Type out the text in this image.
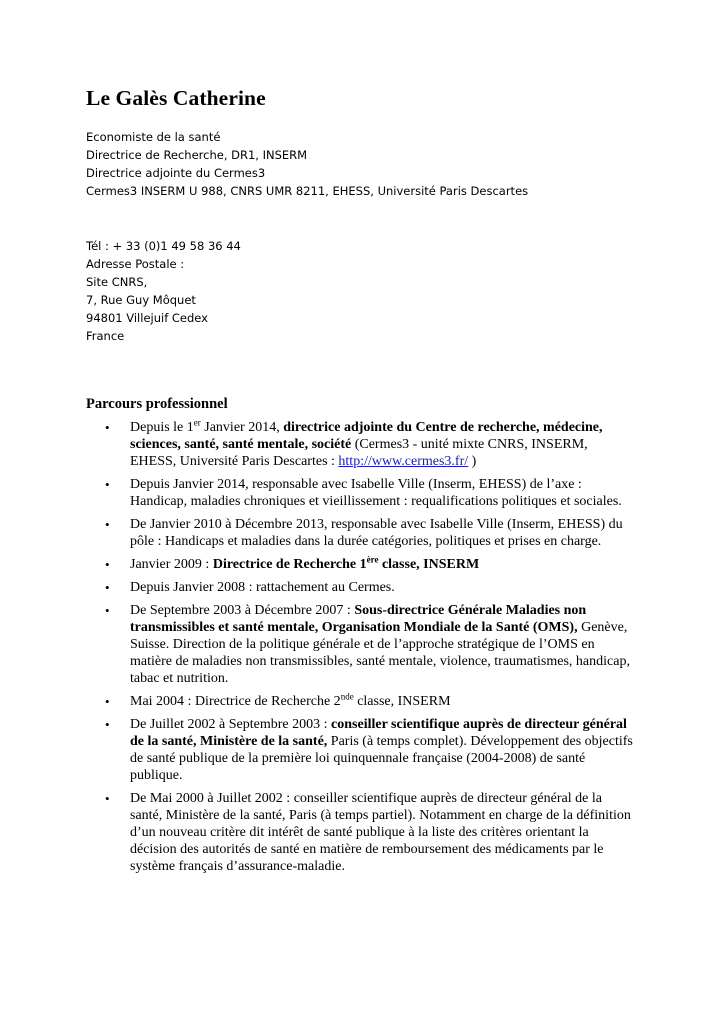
Le Galès Catherine
Economiste de la santé
Directrice de Recherche, DR1, INSERM
Directrice adjointe du Cermes3
Cermes3 INSERM U 988, CNRS UMR 8211, EHESS, Université Paris Descartes
Tél : + 33 (0)1 49 58 36 44
Adresse Postale :
Site CNRS,
7, Rue Guy Môquet
94801 Villejuif Cedex
France
Parcours professionnel
• Depuis le 1er Janvier 2014, directrice adjointe du Centre de recherche, médecine, sciences, santé, santé mentale, société (Cermes3 - unité mixte CNRS, INSERM, EHESS, Université Paris Descartes : http://www.cermes3.fr/ )
• Depuis Janvier 2014, responsable avec Isabelle Ville (Inserm, EHESS) de l’axe : Handicap, maladies chroniques et vieillissement : requalifications politiques et sociales.
• De Janvier 2010 à Décembre 2013, responsable avec Isabelle Ville (Inserm, EHESS) du pôle : Handicaps et maladies dans la durée catégories, politiques et prises en charge.
• Janvier 2009 : Directrice de Recherche 1ère classe, INSERM
• Depuis Janvier 2008 : rattachement au Cermes.
• De Septembre 2003 à Décembre 2007 : Sous-directrice Générale Maladies non transmissibles et santé mentale, Organisation Mondiale de la Santé (OMS), Genève, Suisse. Direction de la politique générale et de l’approche stratégique de l’OMS en matière de maladies non transmissibles, santé mentale, violence, traumatismes, handicap, tabac et nutrition.
• Mai 2004 : Directrice de Recherche 2nde classe, INSERM
• De Juillet 2002 à Septembre 2003 : conseiller scientifique auprès de directeur général de la santé, Ministère de la santé, Paris (à temps complet). Développement des objectifs de santé publique de la première loi quinquennale française (2004-2008) de santé publique.
• De Mai 2000 à Juillet 2002 : conseiller scientifique auprès de directeur général de la santé, Ministère de la santé, Paris (à temps partiel). Notamment en charge de la définition d’un nouveau critère dit intérêt de santé publique à la liste des critères orientant la décision des autorités de santé en matière de remboursement des médicaments par le système français d’assurance-maladie.
